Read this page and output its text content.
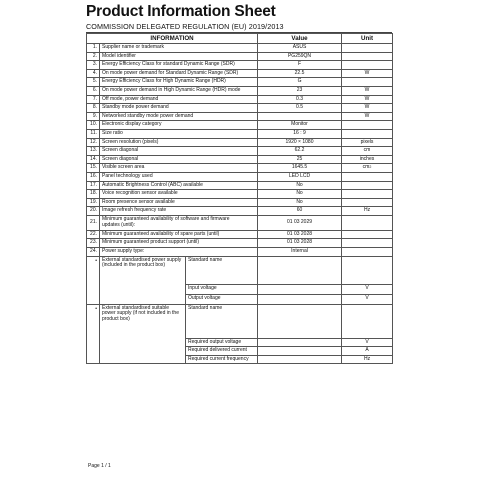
Product Information Sheet
COMMISSION DELEGATED REGULATION (EU) 2019/2013
INFORMATION			Value	Unit
1.	Supplier name or trademark		ASUS	
2.	Model identifier		PG259QN	
3.	Energy Efficiency Class for standard Dynamic Range (SDR)		F	
4.	On mode power demand for Standard Dynamic Range (SDR)		22.5	W
5.	Energy Efficiency Class for High Dynamic Range (HDR)		G	
6.	On mode power demand in High Dynamic Range (HDR) mode		23	W
7.	Off mode, power demand		0.3	W
8.	Standby mode power demand		0.5	W
9.	Networked standby mode power demand			W
10.	Electronic display category		Monitor	
11.	Size ratio		16 : 9	
12.	Screen resolution (pixels)		1920 × 1080	pixels
13.	Screen diagonal		62.2	cm
14.	Screen diagonal		25	inches
15.	Visible screen area		1645.5	$cm^2$
16.	Panel technology used		LED LCD	
17.	Automatic Brightness Control (ABC) available		No	
18.	Voice recognition sensor available		No	
19.	Room presence sensor available		No	
20.	Image refresh frequency rate		60	Hz
21.	Minimum guaranteed availability of software and firmware
updates (until):		01 03 2029	
22.	Minimum guaranteed availability of spare parts (until)		01 03 2028	
23.	Minimum guaranteed product support (until)		01 03 2028	
24.	Power supply type:		Internal	
•	External standardised power supply (included in the product box)	Standard name		
		Input voltage		V
		Output voltage		V
•	External standardised suitable power supply (if not included in the product box)	Standard name		
		Required output voltage		V
		Required delivered current		A
		Required current frequency		Hz
Page 1 / 1
